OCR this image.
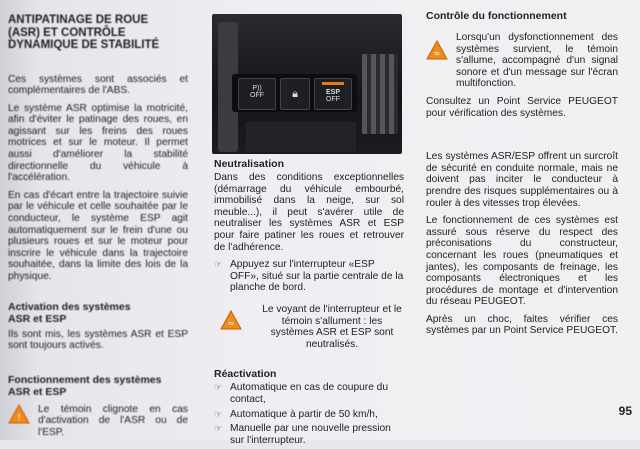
ANTIPATINAGE DE ROUE
(ASR) ET CONTRÔLE
DYNAMIQUE DE STABILITÉ

Ces systèmes sont associés et complémentaires de l'ABS.

Le système ASR optimise la motricité, afin d'éviter le patinage des roues, en agissant sur les freins des roues motrices et sur le moteur. Il permet aussi d'améliorer la stabilité directionnelle du véhicule à l'accélération.

En cas d'écart entre la trajectoire suivie par le véhicule et celle souhaitée par le conducteur, le système ESP agit automatiquement sur le frein d'une ou plusieurs roues et sur le moteur pour inscrire le véhicule dans la trajectoire souhaitée, dans la limite des lois de la physique.

Activation des systèmes
ASR et ESP

Ils sont mis, les systèmes ASR et ESP sont toujours activés.

Fonctionnement des systèmes
ASR et ESP
!

Le témoin clignote en cas d'activation de l'ASR ou de l'ESP.

P))
OFF	🔒︎	ESP
OFF
Neutralisation

Dans des conditions exceptionnelles (démarrage du véhicule embourbé, immobilisé dans la neige, sur sol meuble...), il peut s'avérer utile de neutraliser les systèmes ASR et ESP pour faire patiner les roues et retrouver de l'adhérence.

☞ Appuyez sur l'interrupteur «ESP OFF», situé sur la partie centrale de la planche de bord.
≈

Le voyant de l'interrupteur et le témoin s'allument : les systèmes ASR et ESP sont neutralisés.

Réactivation
☞ Automatique en cas de coupure du contact,
☞ Automatique à partir de 50 km/h,
☞ Manuelle par une nouvelle pression sur l'interrupteur.
Contrôle du fonctionnement
≈

Lorsqu'un dysfonctionnement des systèmes survient, le témoin s'allume, accompagné d'un signal sonore et d'un message sur l'écran multifonction.

Consultez un Point Service PEUGEOT pour vérification des systèmes.

Les systèmes ASR/ESP offrent un surcroît de sécurité en conduite normale, mais ne doivent pas inciter le conducteur à prendre des risques supplémentaires ou à rouler à des vitesses trop élevées.

Le fonctionnement de ces systèmes est assuré sous réserve du respect des préconisations du constructeur, concernant les roues (pneumatiques et jantes), les composants de freinage, les composants électroniques et les procédures de montage et d'intervention du réseau PEUGEOT.

Après un choc, faites vérifier ces systèmes par un Point Service PEUGEOT.

95
